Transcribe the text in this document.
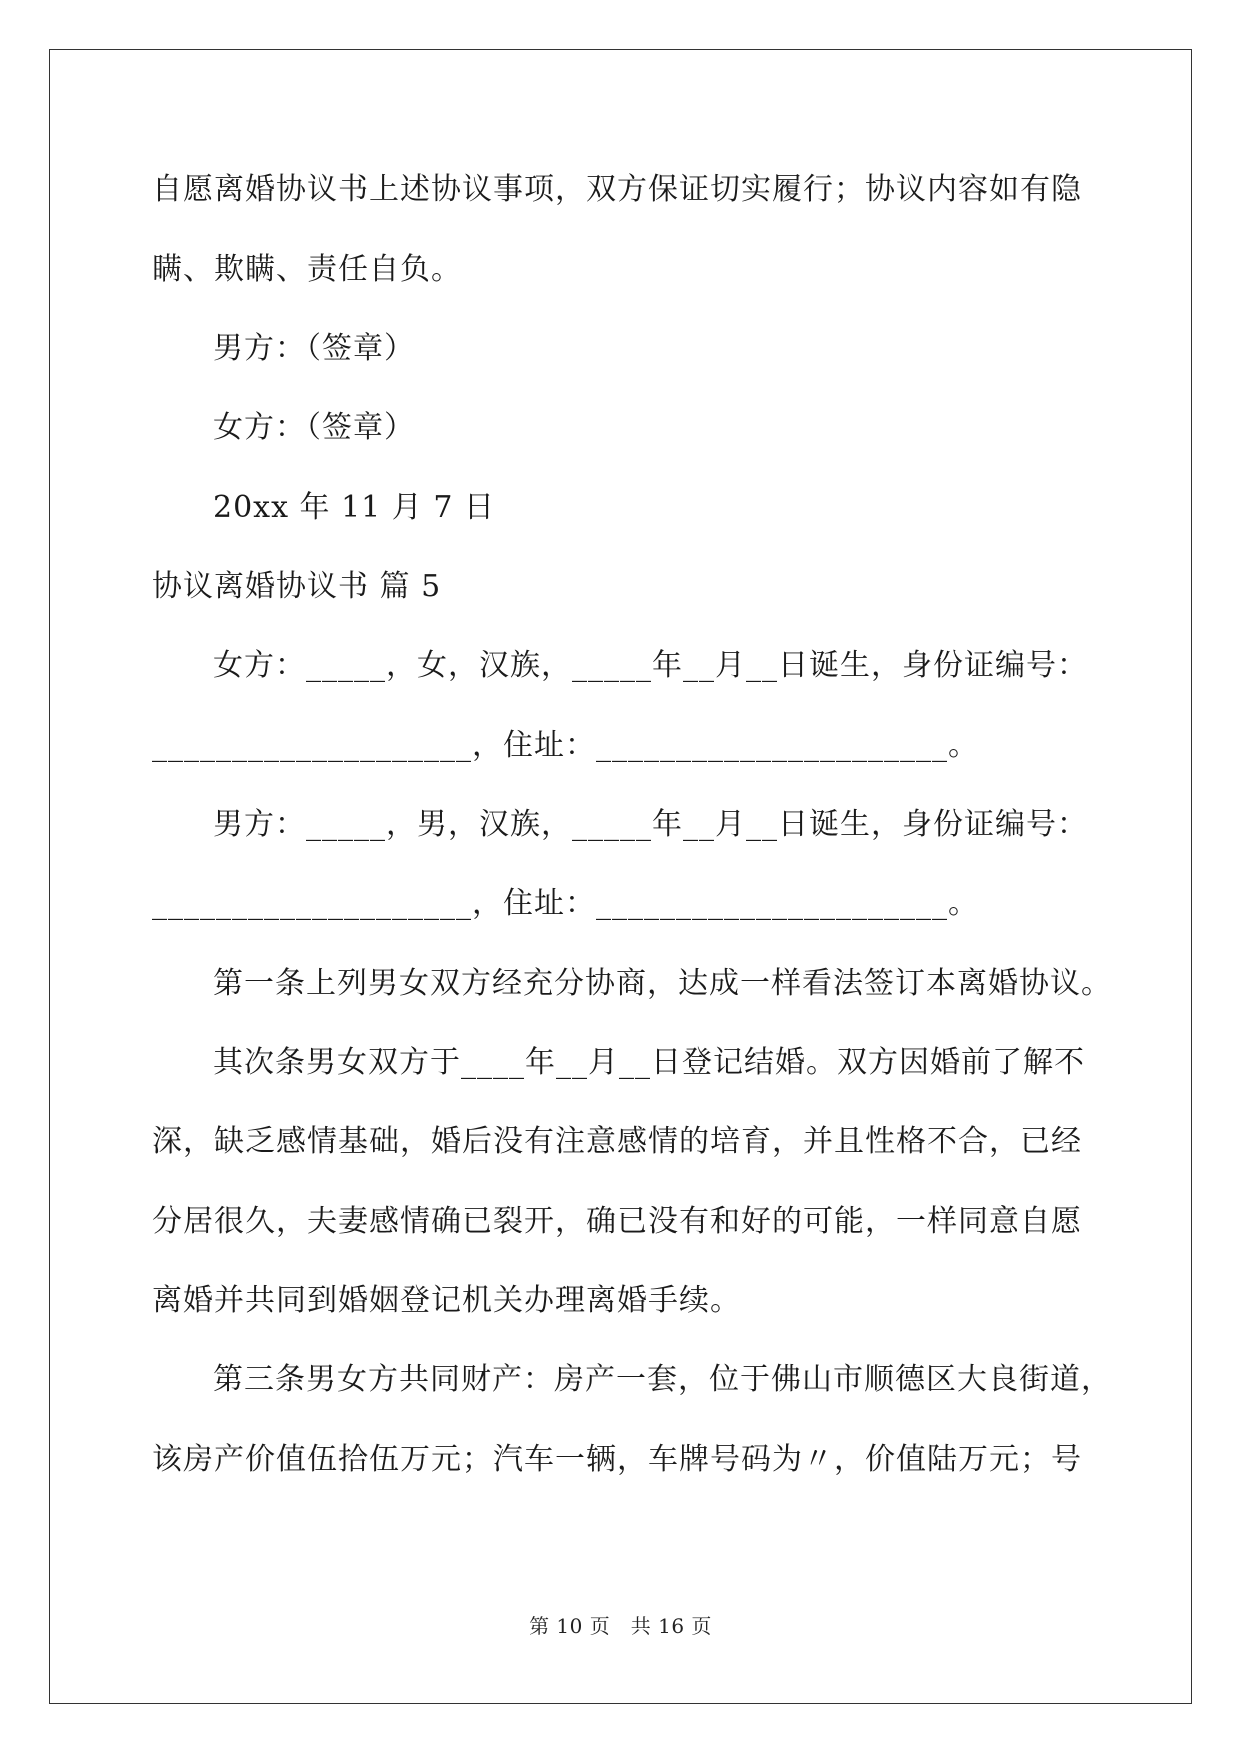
自愿离婚协议书上述协议事项，双方保证切实履行；协议内容如有隐
瞒、欺瞒、责任自负。
男方：（签章）
女方：（签章）
20xx 年 11 月 7 日
协议离婚协议书 篇 5
女方：_____，女，汉族，_____年__月__日诞生，身份证编号：
____________________，住址：______________________。
男方：_____，男，汉族，_____年__月__日诞生，身份证编号：
____________________，住址：______________________。
第一条上列男女双方经充分协商，达成一样看法签订本离婚协议。
其次条男女双方于____年__月__日登记结婚。双方因婚前了解不
深，缺乏感情基础，婚后没有注意感情的培育，并且性格不合，已经
分居很久，夫妻感情确已裂开，确已没有和好的可能，一样同意自愿
离婚并共同到婚姻登记机关办理离婚手续。
第三条男女方共同财产：房产一套，位于佛山市顺德区大良街道，
该房产价值伍拾伍万元；汽车一辆，车牌号码为〃，价值陆万元；号
第 10 页　共 16 页
